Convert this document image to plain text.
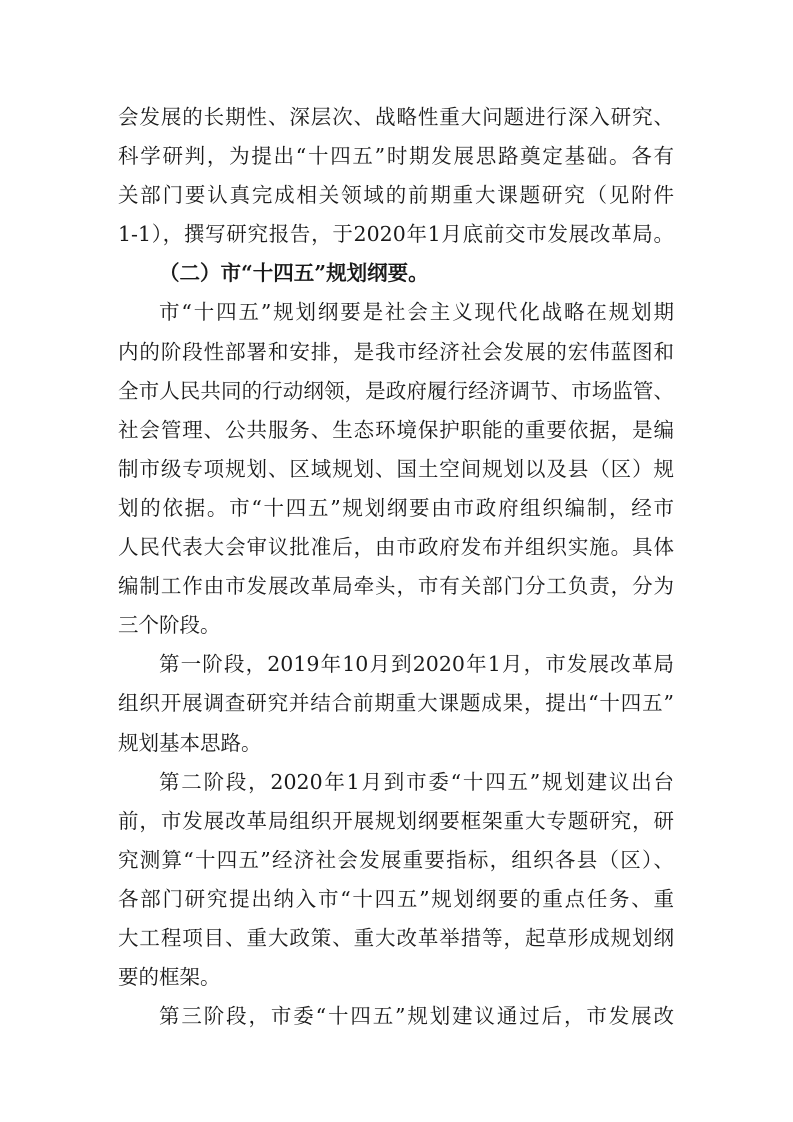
会发展的长期性、深层次、战略性重大问题进行深入研究、
科学研判，为提出“十四五”时期发展思路奠定基础。各有
关部门要认真完成相关领域的前期重大课题研究（见附件
1-1），撰写研究报告，于2020年1月底前交市发展改革局。

（二）市“十四五”规划纲要。

市“十四五”规划纲要是社会主义现代化战略在规划期
内的阶段性部署和安排，是我市经济社会发展的宏伟蓝图和
全市人民共同的行动纲领，是政府履行经济调节、市场监管、
社会管理、公共服务、生态环境保护职能的重要依据，是编
制市级专项规划、区域规划、国土空间规划以及县（区）规
划的依据。市“十四五”规划纲要由市政府组织编制，经市
人民代表大会审议批准后，由市政府发布并组织实施。具体
编制工作由市发展改革局牵头，市有关部门分工负责，分为
三个阶段。

第一阶段，2019年10月到2020年1月，市发展改革局
组织开展调查研究并结合前期重大课题成果，提出“十四五”
规划基本思路。

第二阶段，2020年1月到市委“十四五”规划建议出台
前，市发展改革局组织开展规划纲要框架重大专题研究，研
究测算“十四五”经济社会发展重要指标，组织各县（区）、
各部门研究提出纳入市“十四五”规划纲要的重点任务、重
大工程项目、重大政策、重大改革举措等，起草形成规划纲
要的框架。

第三阶段，市委“十四五”规划建议通过后，市发展改
